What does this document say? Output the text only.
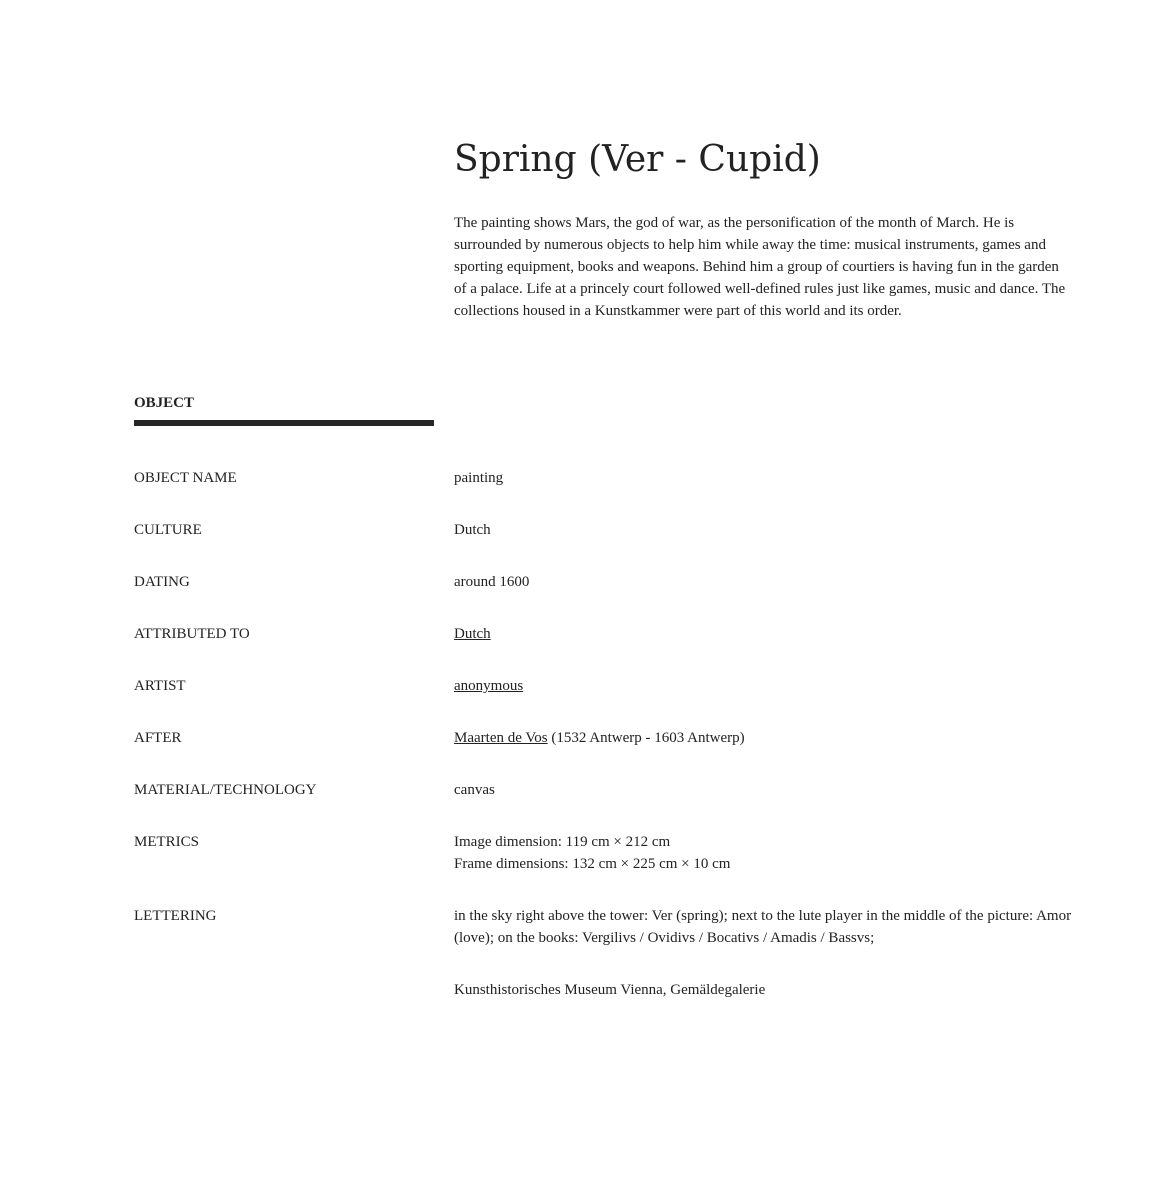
Spring (Ver - Cupid)

The painting shows Mars, the god of war, as the personification of the month of March. He is surrounded by numerous objects to help him while away the time: musical instruments, games and sporting equipment, books and weapons. Behind him a group of courtiers is having fun in the garden of a palace. Life at a princely court followed well-defined rules just like games, music and dance. The collections housed in a Kunstkammer were part of this world and its order.

OBJECT
OBJECT NAME	painting
CULTURE	Dutch
DATING	around 1600
ATTRIBUTED TO	Dutch
ARTIST	anonymous
AFTER	Maarten de Vos (1532 Antwerp - 1603 Antwerp)
MATERIAL/TECHNOLOGY	canvas
METRICS	Image dimension: 119 cm × 212 cm
Frame dimensions: 132 cm × 225 cm × 10 cm
LETTERING	in the sky right above the tower: Ver (spring); next to the lute player in the middle of the picture: Amor (love); on the books: Vergilivs / Ovidivs / Bocativs / Amadis / Bassvs;
Kunsthistorisches Museum Vienna, Gemäldegalerie
